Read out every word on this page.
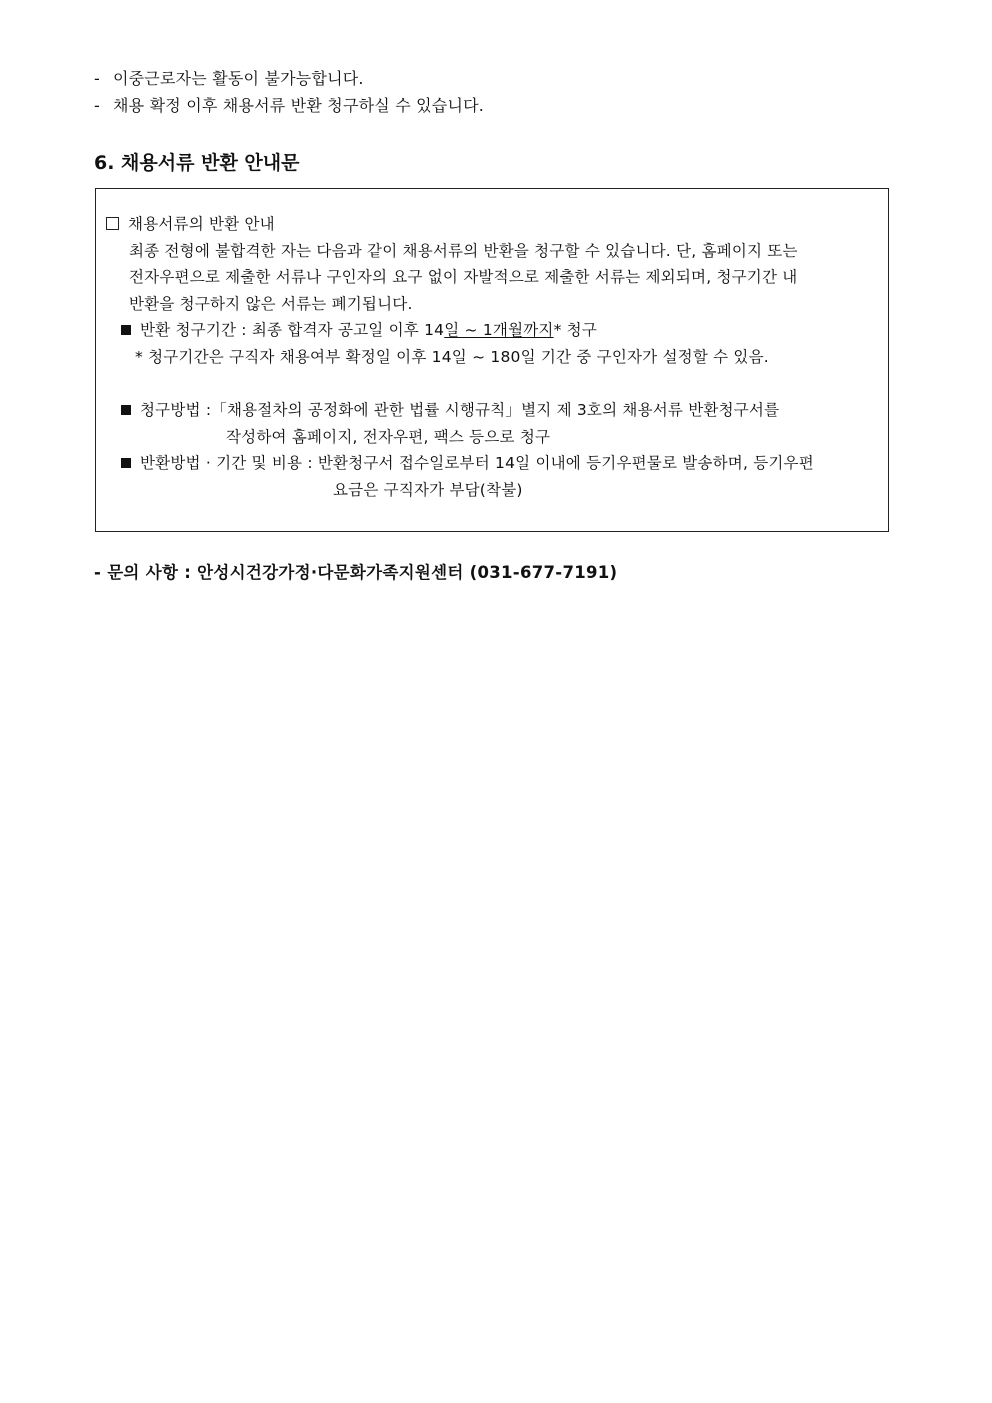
- 이중근로자는 활동이 불가능합니다.
- 채용 확정 이후 채용서류 반환 청구하실 수 있습니다.
6. 채용서류 반환 안내문
채용서류의 반환 안내
최종 전형에 불합격한 자는 다음과 같이 채용서류의 반환을 청구할 수 있습니다. 단, 홈페이지 또는
전자우편으로 제출한 서류나 구인자의 요구 없이 자발적으로 제출한 서류는 제외되며, 청구기간 내
반환을 청구하지 않은 서류는 폐기됩니다.
반환 청구기간 : 최종 합격자 공고일 이후 14일 ~ 1개월까지* 청구
* 청구기간은 구직자 채용여부 확정일 이후 14일 ~ 180일 기간 중 구인자가 설정할 수 있음.
청구방법 :「채용절차의 공정화에 관한 법률 시행규칙」별지 제 3호의 채용서류 반환청구서를
작성하여 홈페이지, 전자우편, 팩스 등으로 청구
반환방법 · 기간 및 비용 : 반환청구서 접수일로부터 14일 이내에 등기우편물로 발송하며, 등기우편
요금은 구직자가 부담(착불)
- 문의 사항 : 안성시건강가정·다문화가족지원센터 (031-677-7191)
